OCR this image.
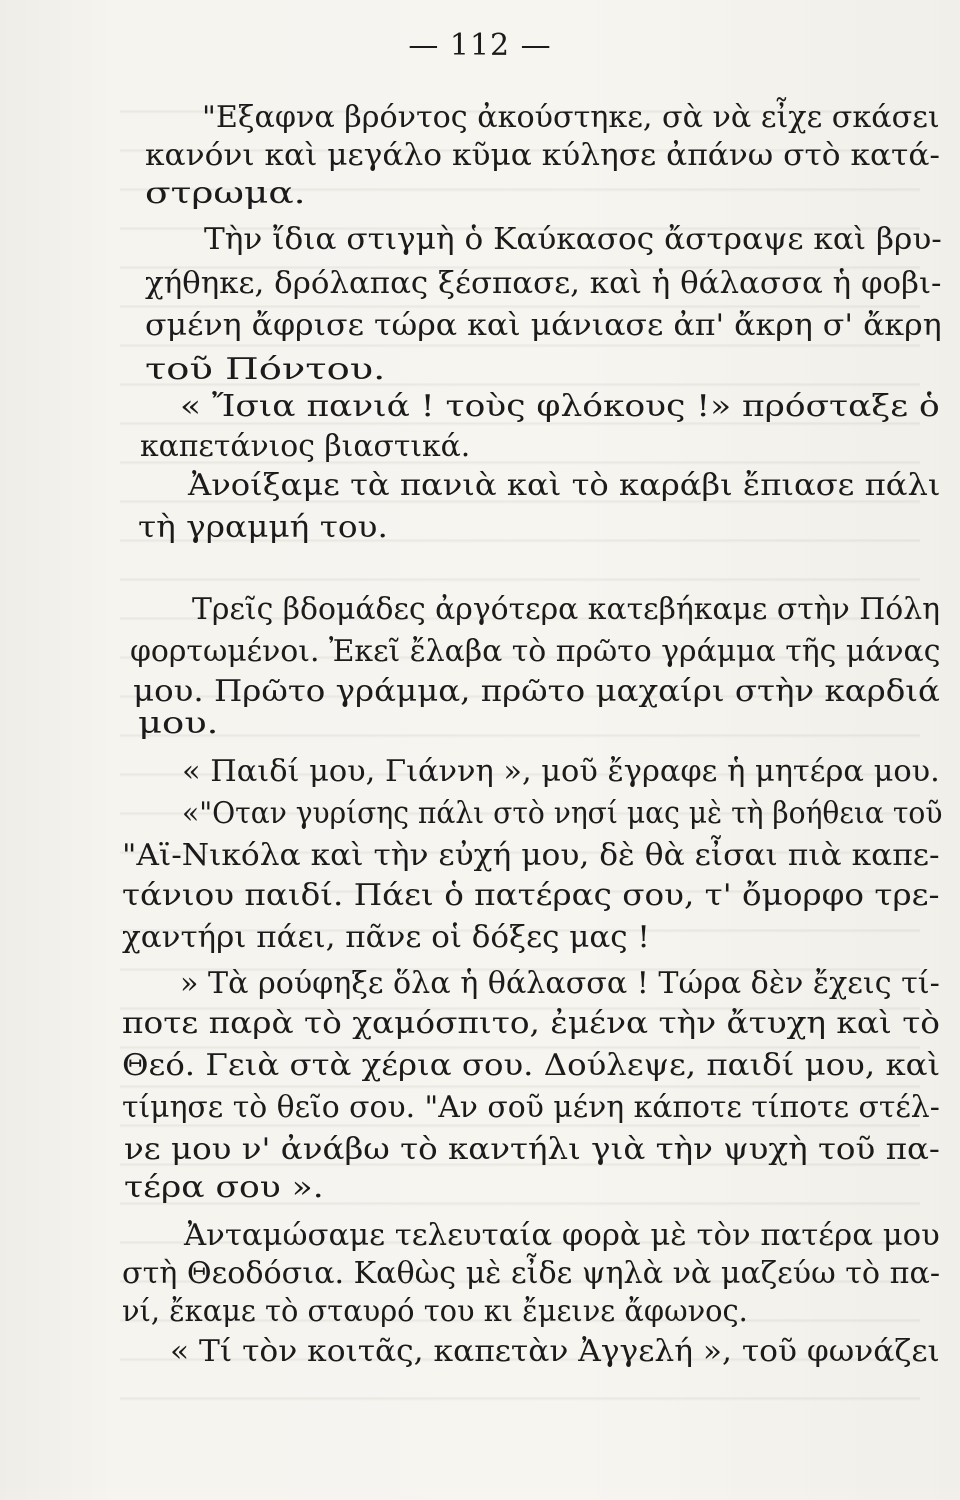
— 112 —
"Εξαφνα βρόντος ἀκούστηκε, σὰ νὰ εἶχε σκάσει
κανόνι καὶ μεγάλο κῦμα κύλησε ἀπάνω στὸ κατά-
στρωμα.
Τὴν ἴδια στιγμὴ ὁ Καύκασος ἄστραψε καὶ βρυ-
χήθηκε, δρόλαπας ξέσπασε, καὶ ἡ θάλασσα ἡ φοβι-
σμένη ἄφρισε τώρα καὶ μάνιασε ἀπ' ἄκρη σ' ἄκρη
τοῦ Πόντου.
« Ἴσια πανιά ! τοὺς φλόκους !» πρόσταξε ὁ
καπετάνιος βιαστικά.
Ἀνοίξαμε τὰ πανιὰ καὶ τὸ καράβι ἔπιασε πάλι
τὴ γραμμή του.
Τρεῖς βδομάδες ἀργότερα κατεβήκαμε στὴν Πόλη
φορτωμένοι. Ἐκεῖ ἔλαβα τὸ πρῶτο γράμμα τῆς μάνας
μου. Πρῶτο γράμμα, πρῶτο μαχαίρι στὴν καρδιά
μου.
« Παιδί μου, Γιάννη », μοῦ ἔγραφε ἡ μητέρα μου.
«"Οταν γυρίσης πάλι στὸ νησί μας μὲ τὴ βοήθεια τοῦ
"Αϊ-Νικόλα καὶ τὴν εὐχή μου, δὲ θὰ εἶσαι πιὰ καπε-
τάνιου παιδί. Πάει ὁ πατέρας σου, τ' ὄμορφο τρε-
χαντήρι πάει, πᾶνε οἱ δόξες μας !
» Τὰ ρούφηξε ὅλα ἡ θάλασσα ! Τώρα δὲν ἔχεις τί-
ποτε παρὰ τὸ χαμόσπιτο, ἐμένα τὴν ἄτυχη καὶ τὸ
Θεό. Γειὰ στὰ χέρια σου. Δούλεψε, παιδί μου, καὶ
τίμησε τὸ θεῖο σου. "Αν σοῦ μένη κάποτε τίποτε στέλ-
νε μου ν' ἀνάβω τὸ καντήλι γιὰ τὴν ψυχὴ τοῦ πα-
τέρα σου ».
Ἀνταμώσαμε τελευταία φορὰ μὲ τὸν πατέρα μου
στὴ Θεοδόσια. Καθὼς μὲ εἶδε ψηλὰ νὰ μαζεύω τὸ πα-
νί, ἔκαμε τὸ σταυρό του κι ἔμεινε ἄφωνος.
« Τί τὸν κοιτᾶς, καπετὰν Ἀγγελή », τοῦ φωνάζει
